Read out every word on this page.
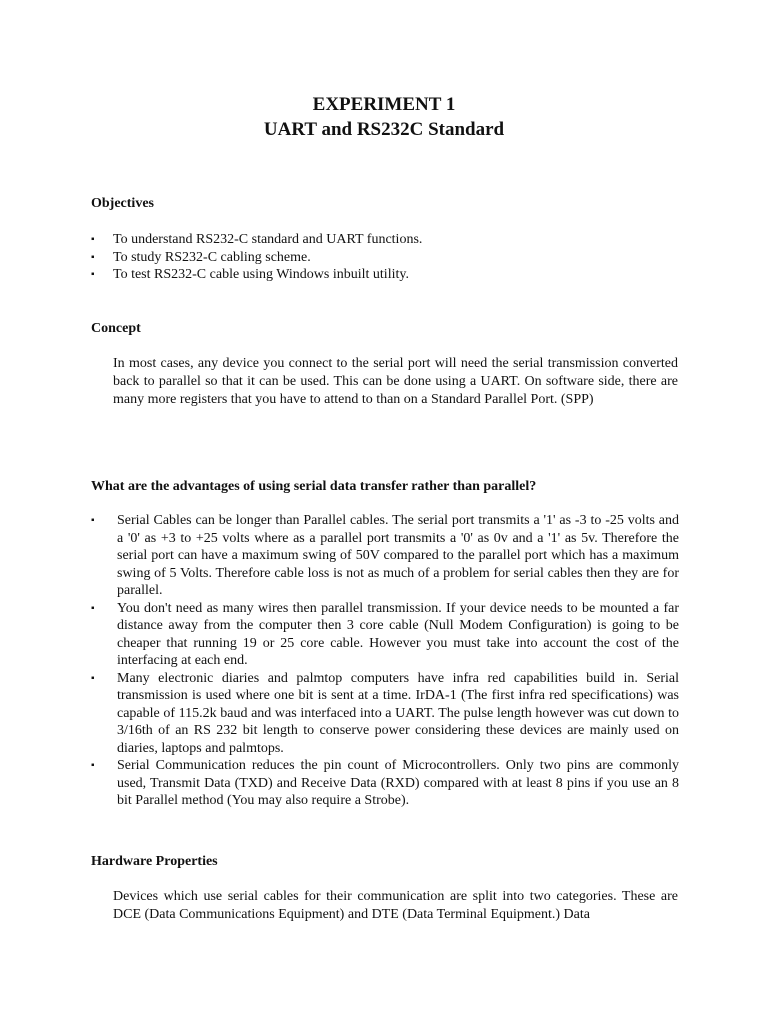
EXPERIMENT 1
UART and RS232C Standard
Objectives
▪ To understand RS232-C standard and UART functions.
▪ To study RS232-C cabling scheme.
▪ To test RS232-C cable using Windows inbuilt utility.
Concept

In most cases, any device you connect to the serial port will need the serial transmission converted back to parallel so that it can be used. This can be done using a UART. On software side, there are many more registers that you have to attend to than on a Standard Parallel Port. (SPP)

What are the advantages of using serial data transfer rather than parallel?
▪ Serial Cables can be longer than Parallel cables. The serial port transmits a '1' as -3 to -25 volts and a '0' as +3 to +25 volts where as a parallel port transmits a '0' as 0v and a '1' as 5v. Therefore the serial port can have a maximum swing of 50V compared to the parallel port which has a maximum swing of 5 Volts. Therefore cable loss is not as much of a problem for serial cables then they are for parallel.
▪ You don't need as many wires then parallel transmission. If your device needs to be mounted a far distance away from the computer then 3 core cable (Null Modem Configuration) is going to be cheaper that running 19 or 25 core cable. However you must take into account the cost of the interfacing at each end.
▪ Many electronic diaries and palmtop computers have infra red capabilities build in. Serial transmission is used where one bit is sent at a time. IrDA-1 (The first infra red specifications) was capable of 115.2k baud and was interfaced into a UART. The pulse length however was cut down to 3/16th of an RS 232 bit length to conserve power considering these devices are mainly used on diaries, laptops and palmtops.
▪ Serial Communication reduces the pin count of Microcontrollers. Only two pins are commonly used, Transmit Data (TXD) and Receive Data (RXD) compared with at least 8 pins if you use an 8 bit Parallel method (You may also require a Strobe).
Hardware Properties

Devices which use serial cables for their communication are split into two categories. These are DCE (Data Communications Equipment) and DTE (Data Terminal Equipment.) Data
